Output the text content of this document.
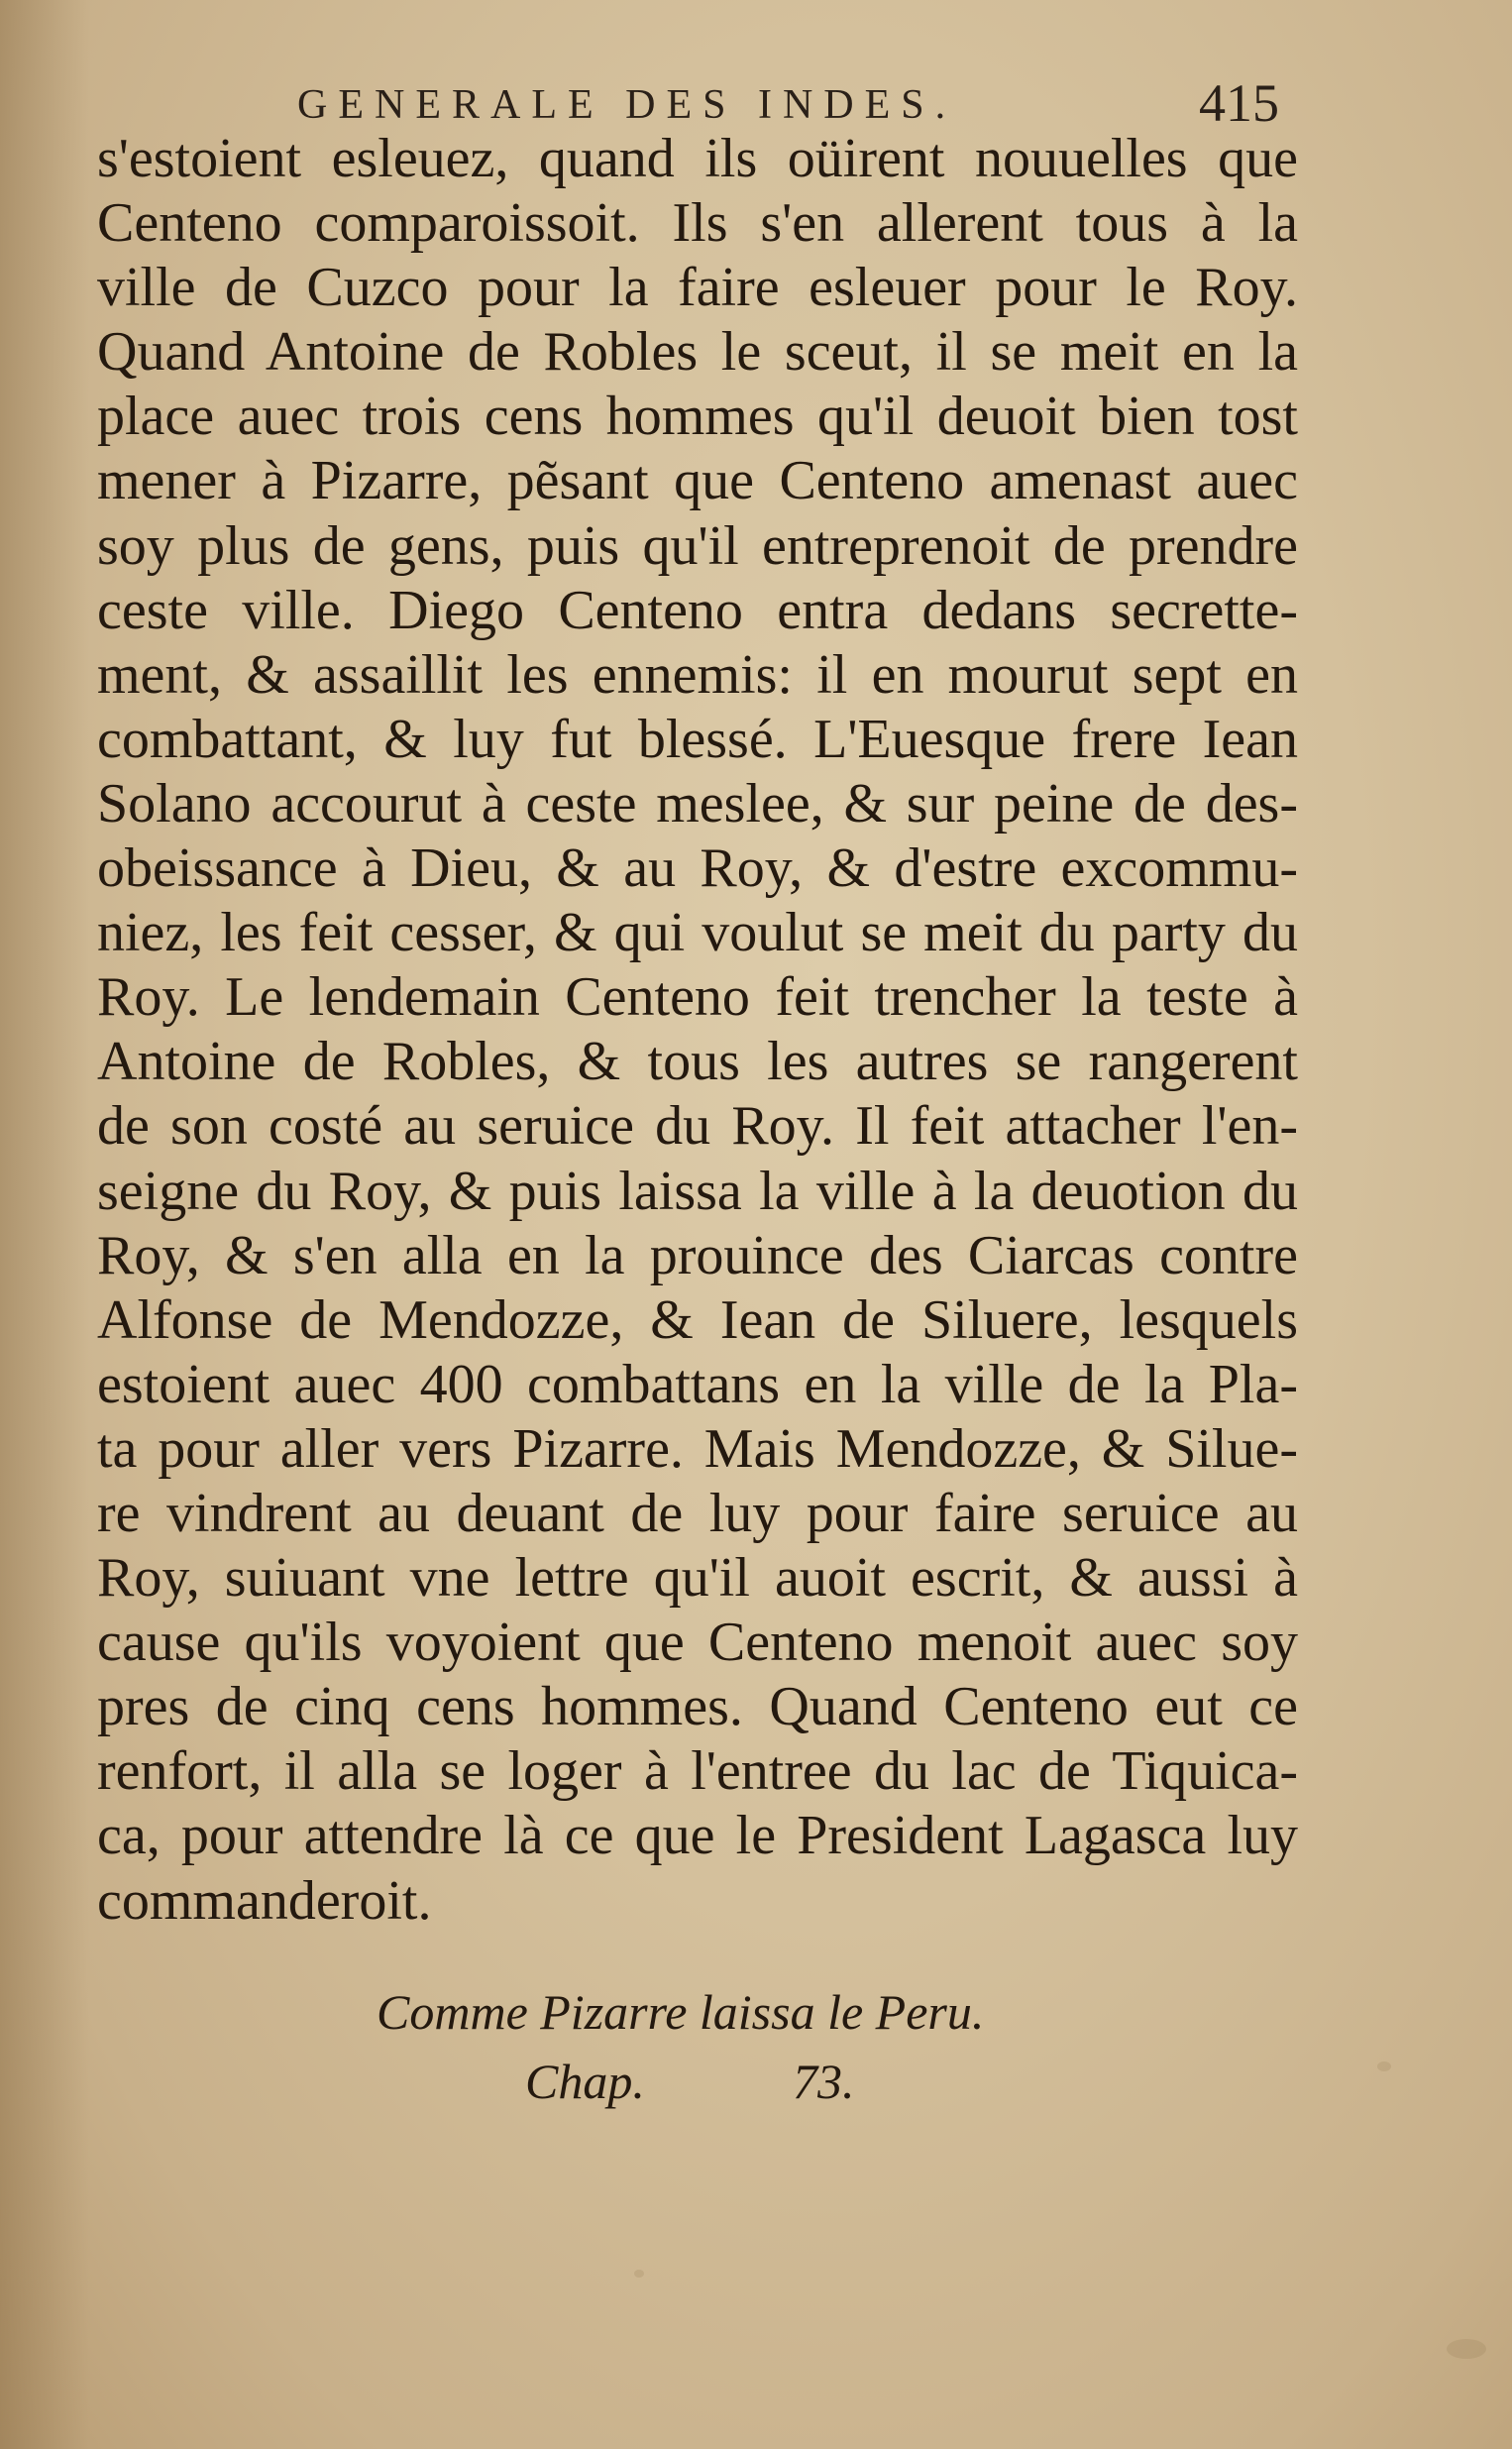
GENERALE DES INDES.	415
s'estoient esleuez, quand ils oüirent nouuelles que
Centeno comparoissoit. Ils s'en allerent tous à la
ville de Cuzco pour la faire esleuer pour le Roy.
Quand Antoine de Robles le sceut, il se meit en la
place auec trois cens hommes qu'il deuoit bien tost
mener à Pizarre, pẽsant que Centeno amenast auec
soy plus de gens, puis qu'il entreprenoit de prendre
ceste ville. Diego Centeno entra dedans secrette-
ment, & assaillit les ennemis: il en mourut sept en
combattant, & luy fut blessé. L'Euesque frere Iean
Solano accourut à ceste meslee, & sur peine de des-
obeissance à Dieu, & au Roy, & d'estre excommu-
niez, les feit cesser, & qui voulut se meit du party du
Roy. Le lendemain Centeno feit trencher la teste à
Antoine de Robles, & tous les autres se rangerent
de son costé au seruice du Roy. Il feit attacher l'en-
seigne du Roy, & puis laissa la ville à la deuotion du
Roy, & s'en alla en la prouince des Ciarcas contre
Alfonse de Mendozze, & Iean de Siluere, lesquels
estoient auec 400 combattans en la ville de la Pla-
ta pour aller vers Pizarre. Mais Mendozze, & Silue-
re vindrent au deuant de luy pour faire seruice au
Roy, suiuant vne lettre qu'il auoit escrit, & aussi à
cause qu'ils voyoient que Centeno menoit auec soy
pres de cinq cens hommes. Quand Centeno eut ce
renfort, il alla se loger à l'entree du lac de Tiquica-
ca, pour attendre là ce que le President Lagasca luy
commanderoit.
Comme Pizarre laissa le Peru.
Chap.	73.
